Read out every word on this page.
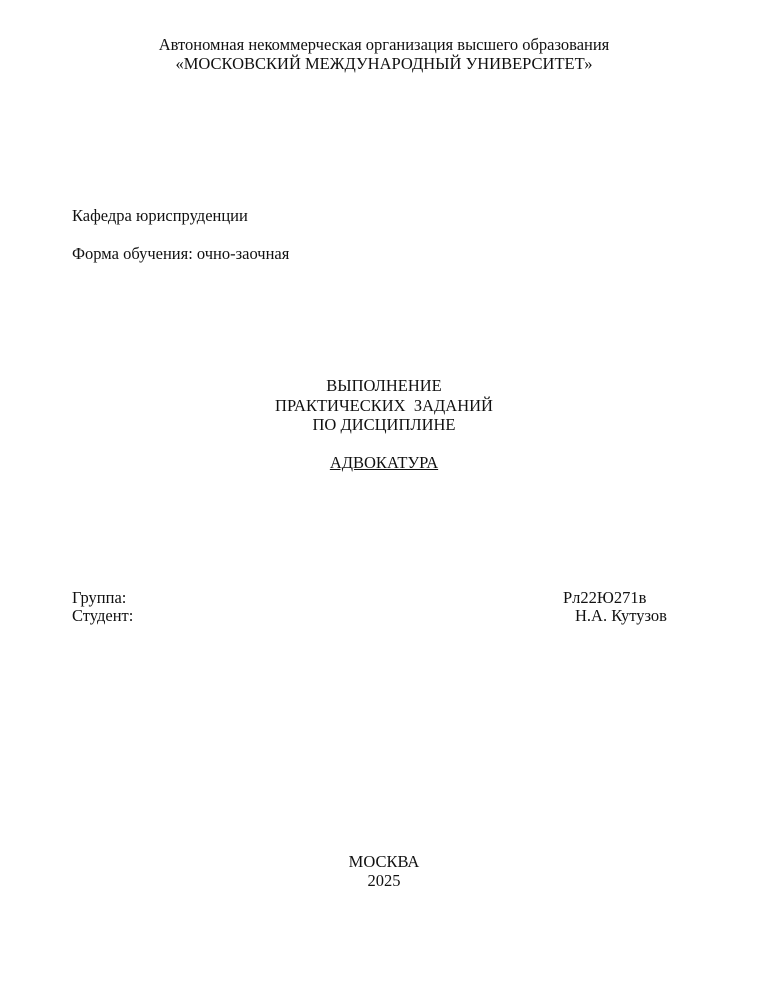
Автономная некоммерческая организация высшего образования
«МОСКОВСКИЙ МЕЖДУНАРОДНЫЙ УНИВЕРСИТЕТ»
Кафедра юриспруденции
Форма обучения: очно-заочная
ВЫПОЛНЕНИЕ
ПРАКТИЧЕСКИХ  ЗАДАНИЙ
ПО ДИСЦИПЛИНЕ
АДВОКАТУРА
Группа:	Рл22Ю271в
Студент:	Н.А. Кутузов
МОСКВА
2025
